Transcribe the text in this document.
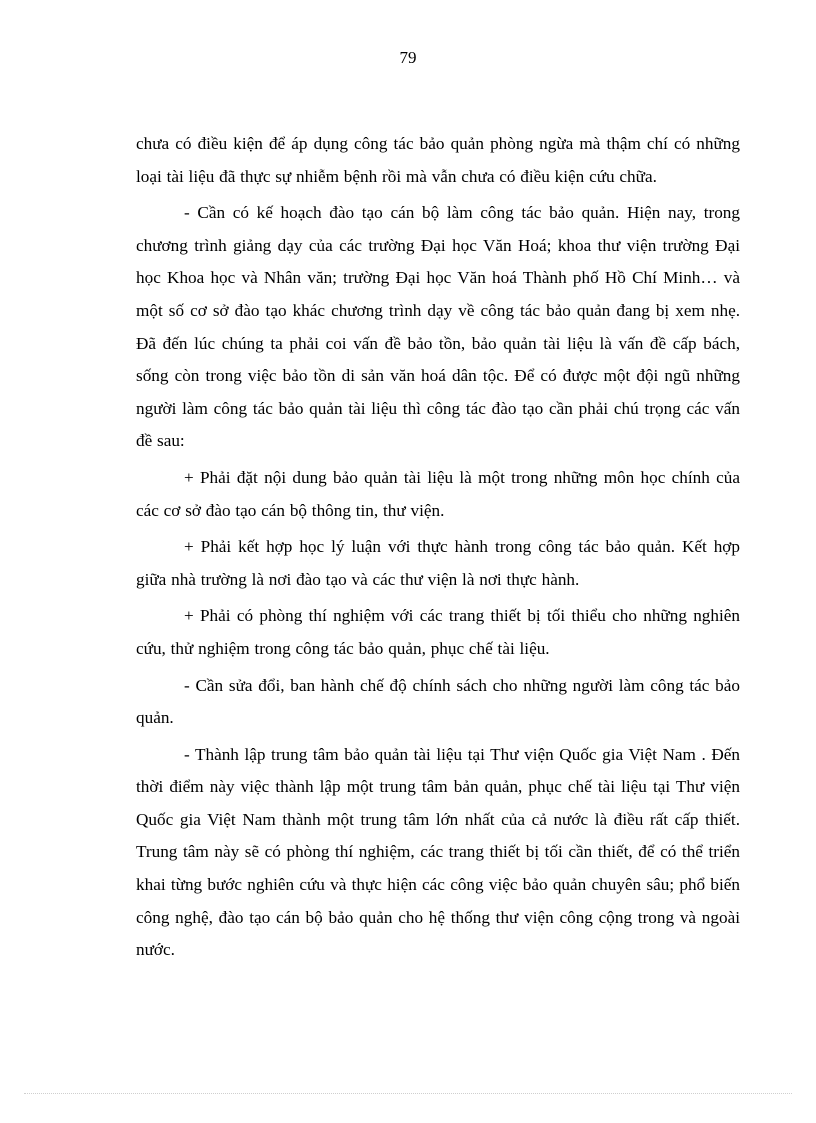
79

chưa có điều kiện để áp dụng công tác bảo quản phòng ngừa mà thậm chí có những loại tài liệu đã thực sự nhiễm bệnh rồi mà vẫn chưa có điều kiện cứu chữa.

- Cần có kế hoạch đào tạo cán bộ làm công tác bảo quản. Hiện nay, trong chương trình giảng dạy của các trường Đại học Văn Hoá; khoa thư viện trường Đại học Khoa học và Nhân văn; trường Đại học Văn hoá Thành phố Hồ Chí Minh… và một số cơ sở đào tạo khác chương trình dạy về công tác bảo quản đang bị xem nhẹ. Đã đến lúc chúng ta phải coi vấn đề bảo tồn, bảo quản tài liệu là vấn đề cấp bách, sống còn trong việc bảo tồn di sản văn hoá dân tộc. Để có được một đội ngũ những người làm công tác bảo quản tài liệu thì công tác đào tạo cần phải chú trọng các vấn đề sau:

+ Phải đặt nội dung bảo quản tài liệu là một trong những môn học chính của các cơ sở đào tạo cán bộ thông tin, thư viện.

+ Phải kết hợp học lý luận với thực hành trong công tác bảo quản. Kết hợp giữa nhà trường là nơi đào tạo và các thư viện là nơi thực hành.

+ Phải có phòng thí nghiệm với các trang thiết bị tối thiểu cho những nghiên cứu, thử nghiệm trong công tác bảo quản, phục chế tài liệu.

- Cần sửa đổi, ban hành chế độ chính sách cho những người làm công tác bảo quản.

- Thành lập trung tâm bảo quản tài liệu tại Thư viện Quốc gia Việt Nam . Đến thời điểm này việc thành lập một trung tâm bản quản, phục chế tài liệu tại Thư viện Quốc gia Việt Nam thành một trung tâm lớn nhất của cả nước là điều rất cấp thiết. Trung tâm này sẽ có phòng thí nghiệm, các trang thiết bị tối cần thiết, để có thể triển khai từng bước nghiên cứu và thực hiện các công việc bảo quản chuyên sâu; phổ biến công nghệ, đào tạo cán bộ bảo quản cho hệ thống thư viện công cộng trong và ngoài nước.
